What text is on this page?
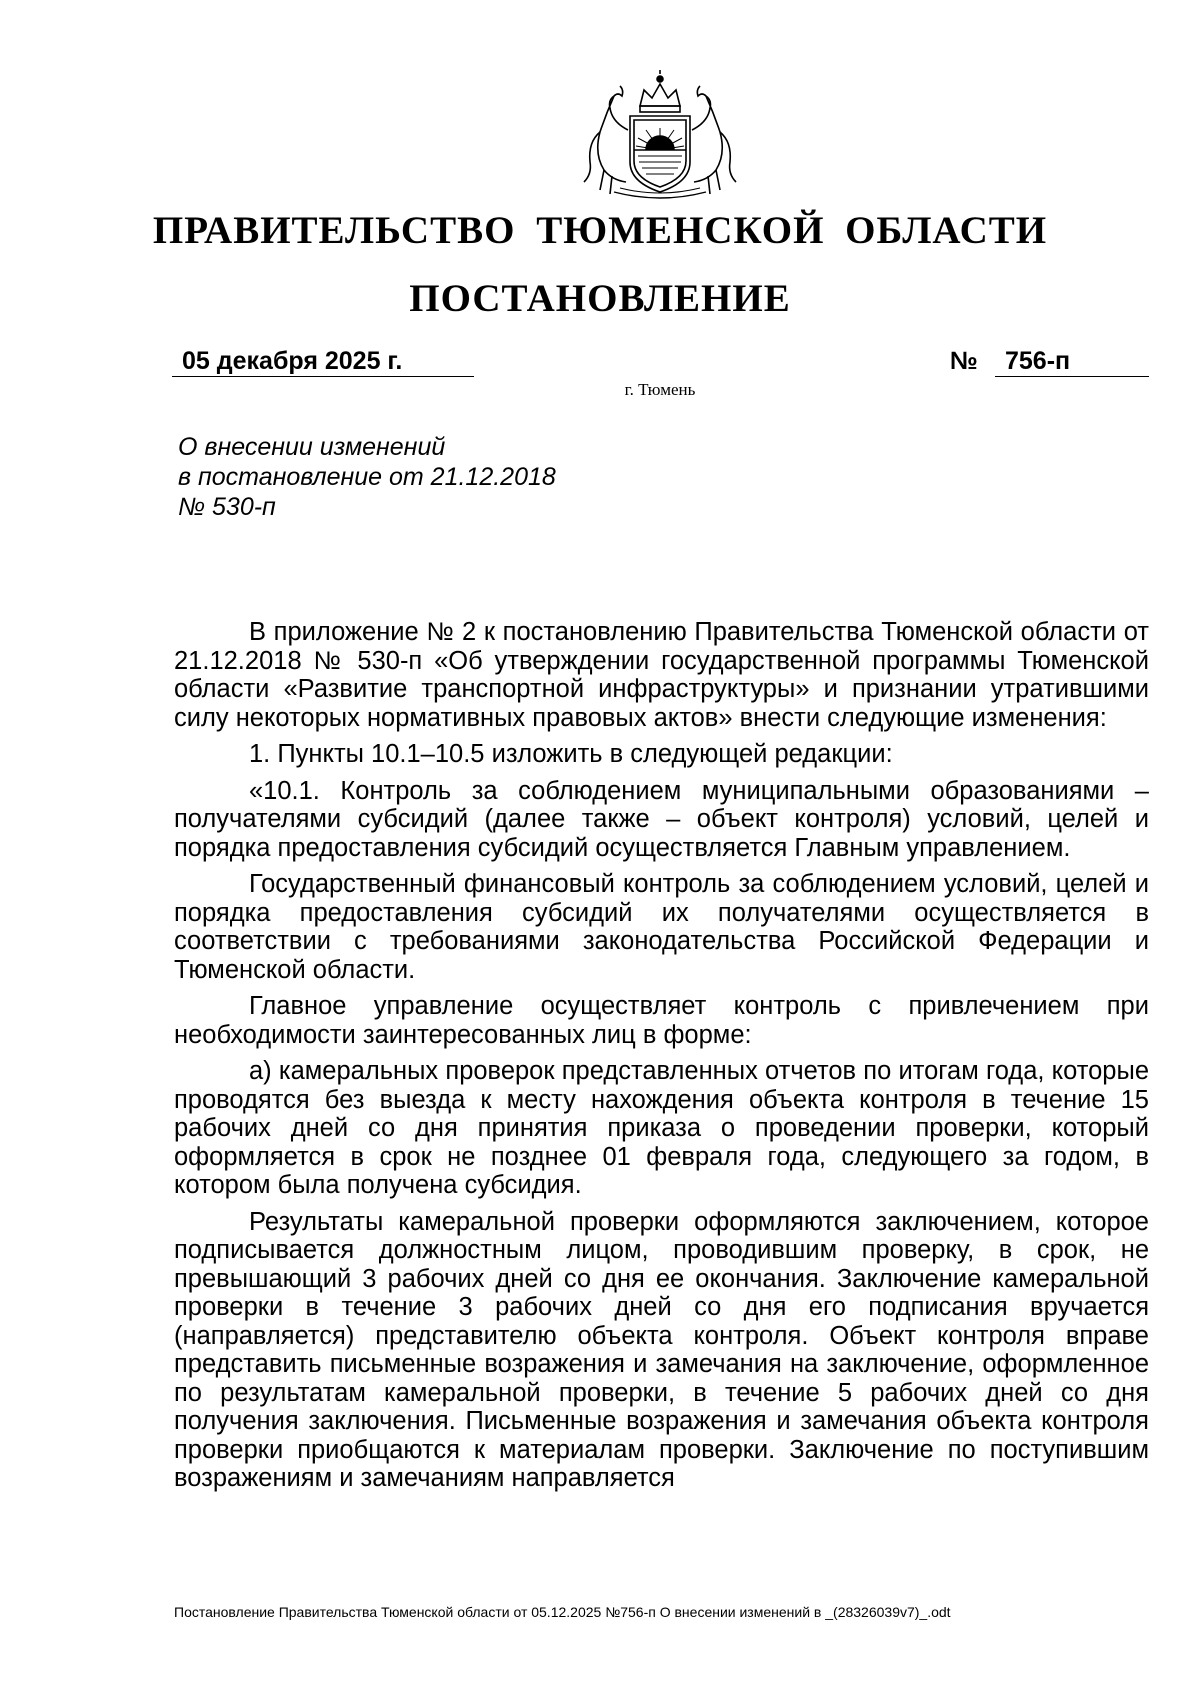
ПРАВИТЕЛЬСТВО ТЮМЕНСКОЙ ОБЛАСТИ
ПОСТАНОВЛЕНИЕ
05 декабря 2025 г.	№	756-п
г. Тюмень
О внесении изменений
в постановление от 21.12.2018
№ 530-п

В приложение № 2 к постановлению Правительства Тюменской области от 21.12.2018 № 530-п «Об утверждении государственной программы Тюменской области «Развитие транспортной инфраструктуры» и признании утратившими силу некоторых нормативных правовых актов» внести следующие изменения:

1. Пункты 10.1–10.5 изложить в следующей редакции:

«10.1. Контроль за соблюдением муниципальными образованиями – получателями субсидий (далее также – объект контроля) условий, целей и порядка предоставления субсидий осуществляется Главным управлением.

Государственный финансовый контроль за соблюдением условий, целей и порядка предоставления субсидий их получателями осуществляется в соответствии с требованиями законодательства Российской Федерации и Тюменской области.

Главное управление осуществляет контроль с привлечением при необходимости заинтересованных лиц в форме:

а) камеральных проверок представленных отчетов по итогам года, которые проводятся без выезда к месту нахождения объекта контроля в течение 15 рабочих дней со дня принятия приказа о проведении проверки, который оформляется в срок не позднее 01 февраля года, следующего за годом, в котором была получена субсидия.

Результаты камеральной проверки оформляются заключением, которое подписывается должностным лицом, проводившим проверку, в срок, не превышающий 3 рабочих дней со дня ее окончания. Заключение камеральной проверки в течение 3 рабочих дней со дня его подписания вручается (направляется) представителю объекта контроля. Объект контроля вправе представить письменные возражения и замечания на заключение, оформленное по результатам камеральной проверки, в течение 5 рабочих дней со дня получения заключения. Письменные возражения и замечания объекта контроля проверки приобщаются к материалам проверки. Заключение по поступившим возражениям и замечаниям направляется

Постановление Правительства Тюменской области от 05.12.2025 №756-п О внесении изменений в _(28326039v7)_.odt
